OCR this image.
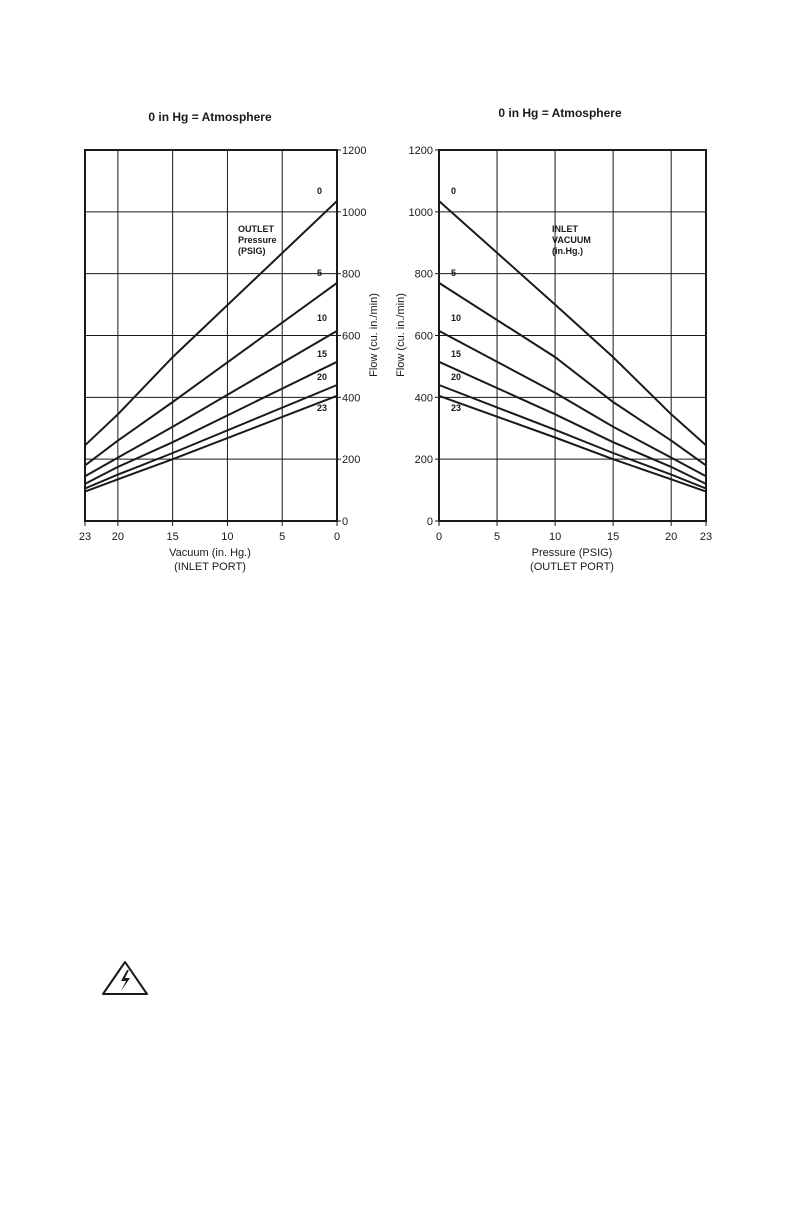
0 in Hg = Atmosphere
Vacuum (in. Hg.)
(INLET PORT)
Flow (cu. in./min)
OUTLET
Pressure
(PSIG)
23 20	15	10	5	0
0
200
400
600
800
1000
1200
0
5
10
15
20
23
0 in Hg = Atmosphere
Pressure (PSIG)
(OUTLET PORT)
Flow (cu. in./min)
INLET
VACUUM
(in.Hg.)
0	5	10	15	20 23
0
200
400
600
800
1000
1200
0
5
10
15
20
23
